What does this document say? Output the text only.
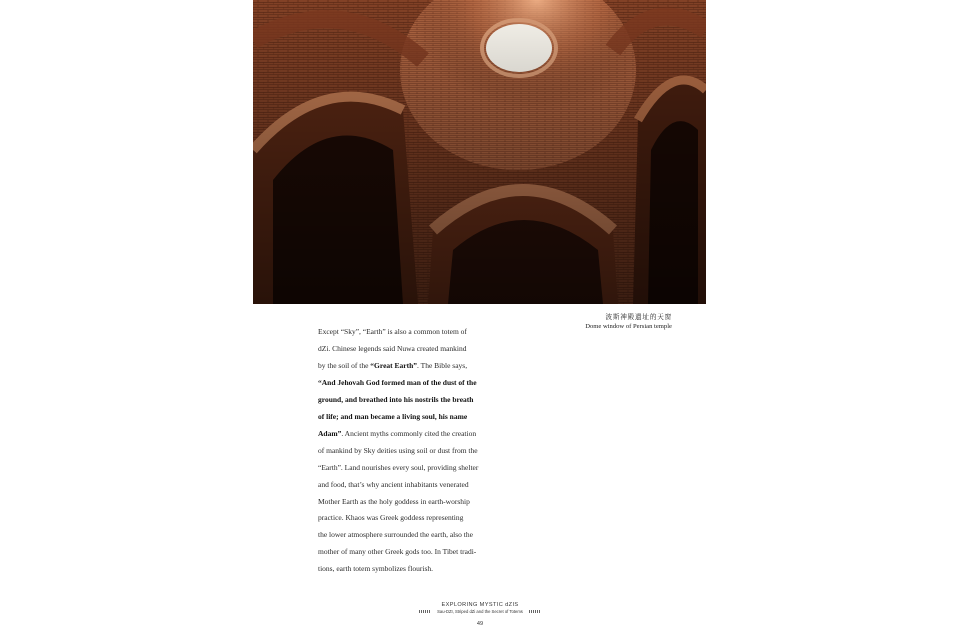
波斯神殿遺址的天窗
Dome window of Persian temple

Except “Sky”, “Earth” is also a common totem of

dZi. Chinese legends said Nuwa created mankind

by the soil of the “Great Earth”. The Bible says,

“And Jehovah God formed man of the dust of the

ground, and breathed into his nostrils the breath

of life; and man became a living soul, his name

Adam”. Ancient myths commonly cited the creation

of mankind by Sky deities using soil or dust from the

“Earth”. Land nourishes every soul, providing shelter

and food, that’s why ancient inhabitants venerated

Mother Earth as the holy goddess in earth-worship

practice. Khaos was Greek goddess representing

the lower atmosphere surrounded the earth, also the

mother of many other Greek gods too. In Tibet tradi-

tions, earth totem symbolizes flourish.

EXPLORING MYSTIC dZIS
Sau-DZI, Striped dZi and the Secret of Totems
49
